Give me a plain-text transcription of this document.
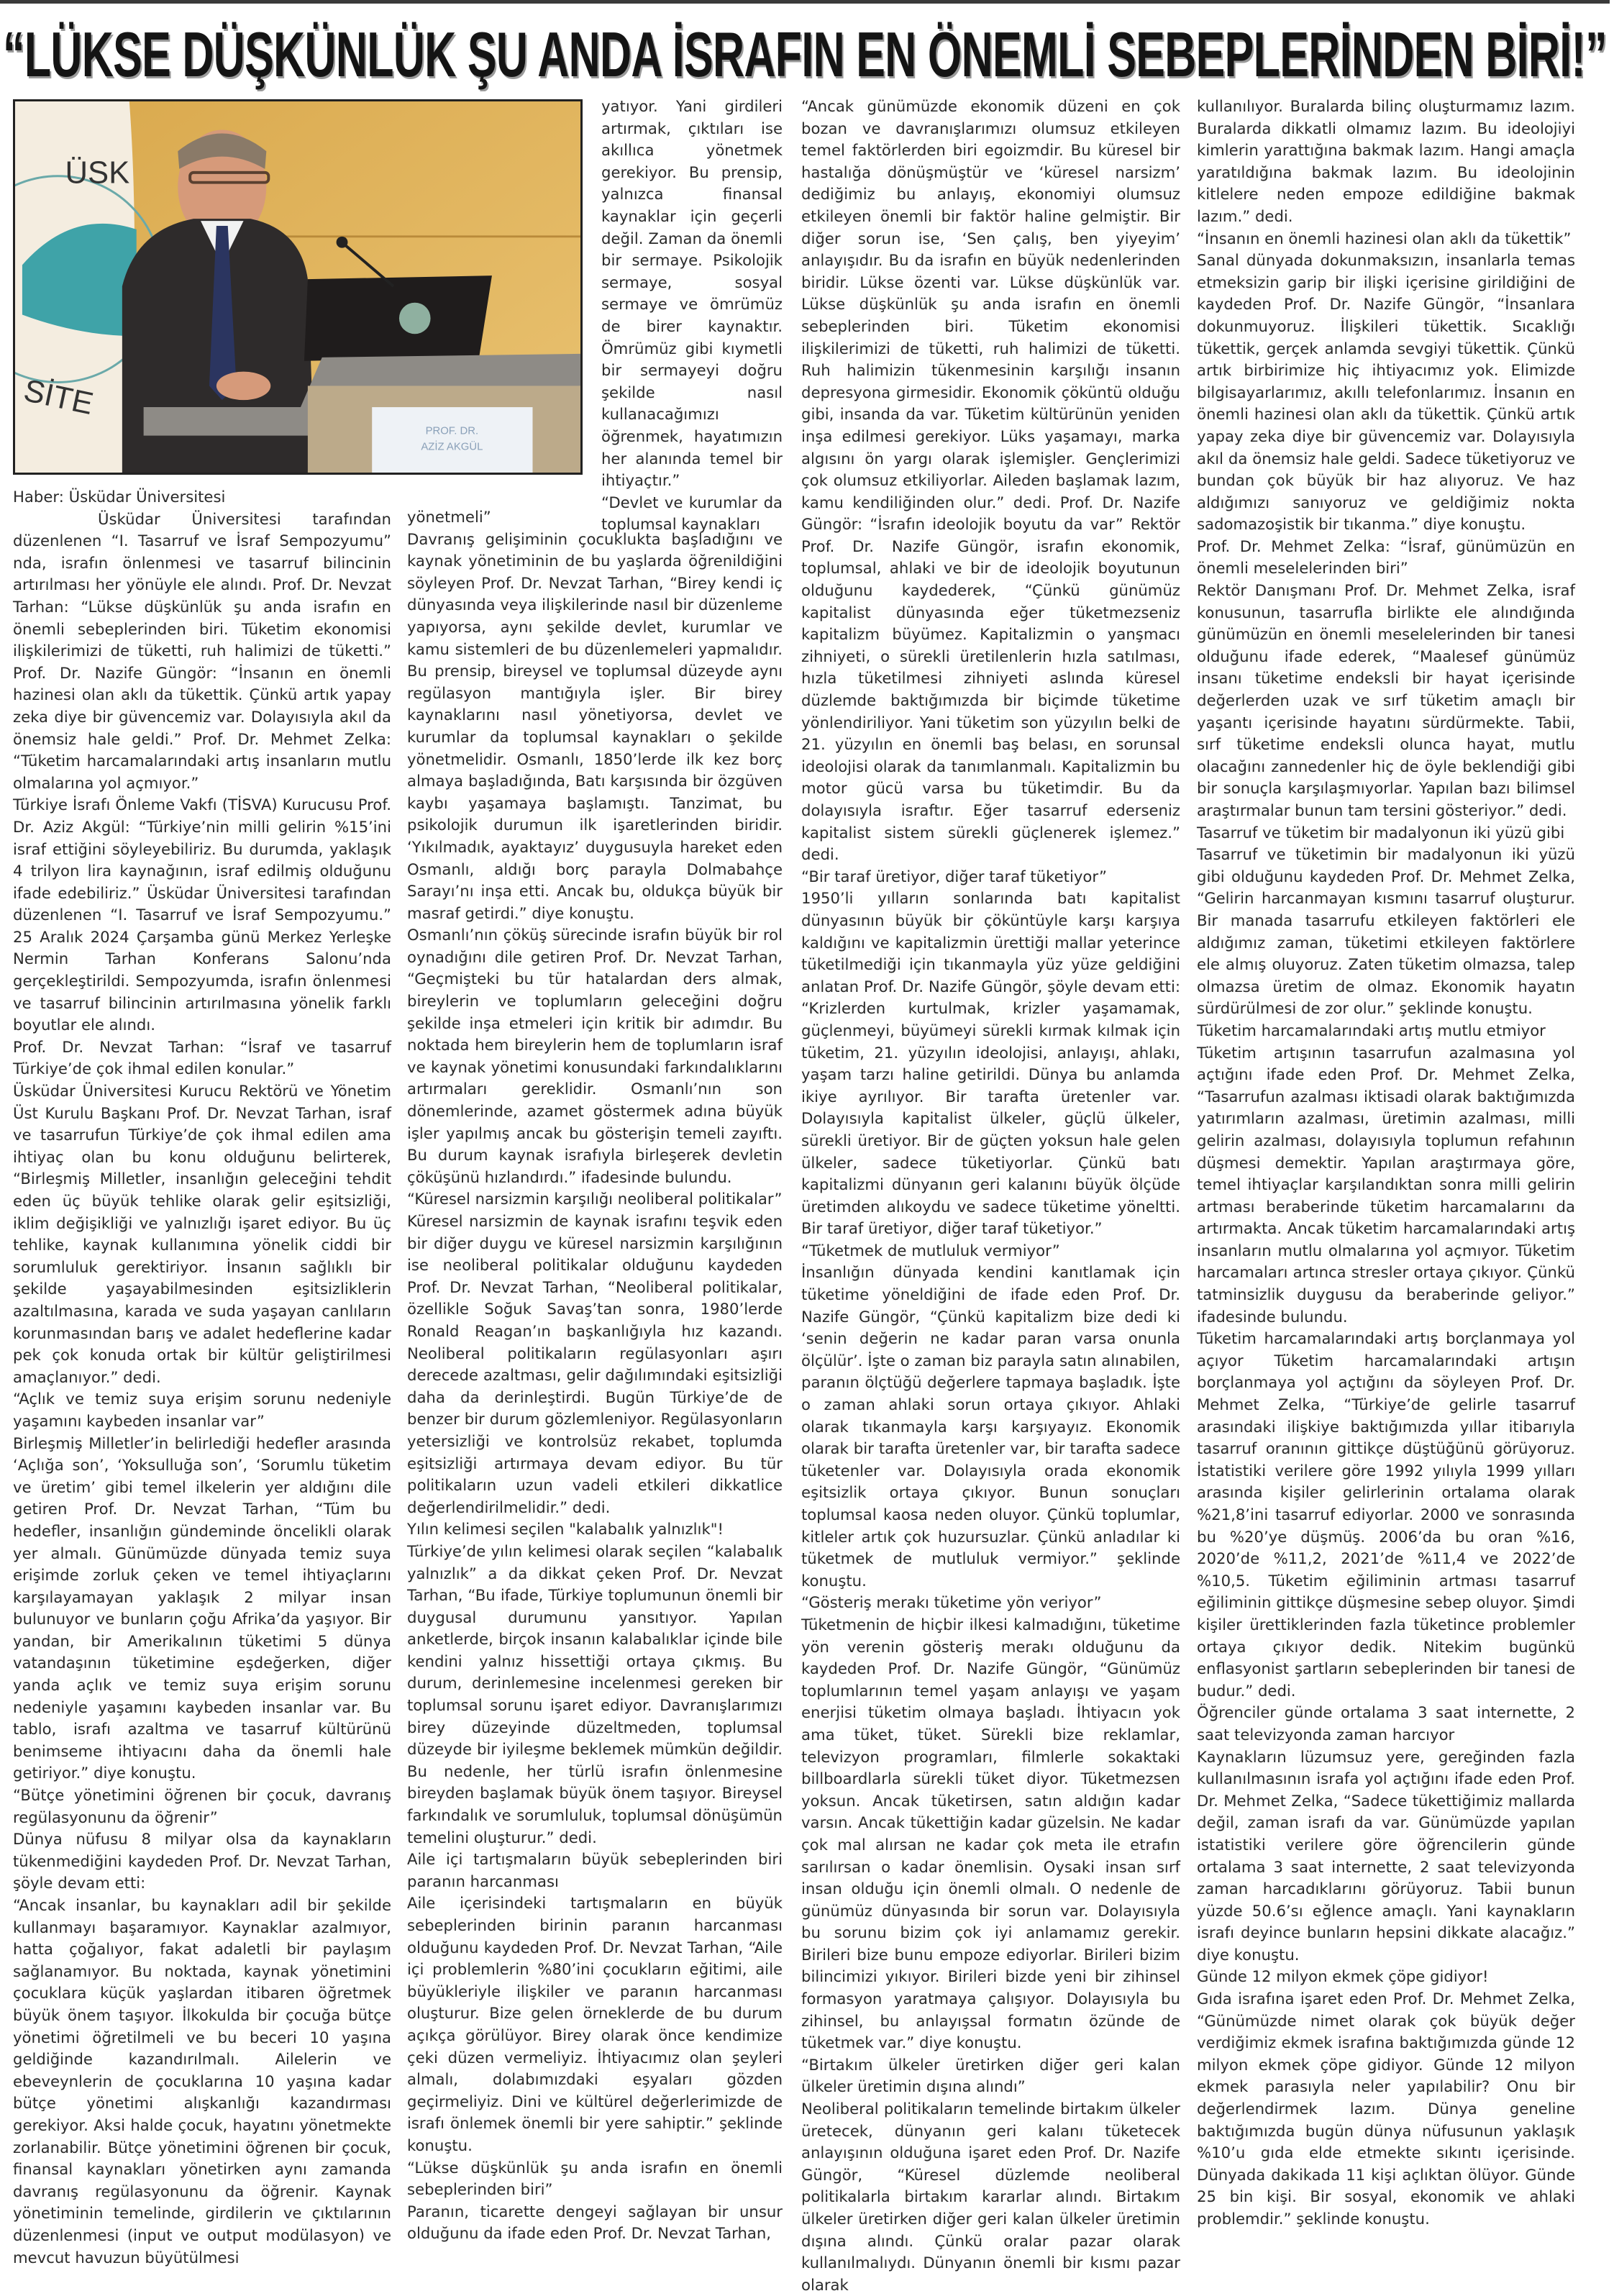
“LÜKSE DÜŞKÜNLÜK ŞU ANDA İSRAFIN EN ÖNEMLİ SEBEPLERİNDEN BİRİ!”
ÜSK
SİTE
PROF. DR.
AZİZ AKGÜL

Haber: Üsküdar Üniversitesi

Üsküdar Üniversitesi tarafından düzenlenen “I. Tasarruf ve İsraf Sempozyumu” nda, israfın önlenmesi ve tasarruf bilincinin artırılması her yönüyle ele alındı. Prof. Dr. Nevzat Tarhan: “Lükse düşkünlük şu anda israfın en önemli sebeplerinden biri. Tüketim ekonomisi ilişkilerimizi de tüketti, ruh halimizi de tüketti.” Prof. Dr. Nazife Güngör: “İnsanın en önemli hazinesi olan aklı da tükettik. Çünkü artık yapay zeka diye bir güvencemiz var. Dolayısıyla akıl da önemsiz hale geldi.” Prof. Dr. Mehmet Zelka: “Tüketim harcamalarındaki artış insanların mutlu olmalarına yol açmıyor.”

Türkiye İsrafı Önleme Vakfı (TİSVA) Kurucusu Prof. Dr. Aziz Akgül: “Türkiye’nin milli gelirin %15’ini israf ettiğini söyleyebiliriz. Bu durumda, yaklaşık 4 trilyon lira kaynağının, israf edilmiş olduğunu ifade edebiliriz.” Üsküdar Üniversitesi tarafından düzenlenen “I. Tasarruf ve İsraf Sempozyumu.” 25 Aralık 2024 Çarşamba günü Merkez Yerleşke Nermin Tarhan Konferans Salonu’nda gerçekleştirildi. Sempozyumda, israfın önlenmesi ve tasarruf bilincinin artırılmasına yönelik farklı boyutlar ele alındı.

Prof. Dr. Nevzat Tarhan: “İsraf ve tasarruf Türkiye’de çok ihmal edilen konular.”

Üsküdar Üniversitesi Kurucu Rektörü ve Yönetim Üst Kurulu Başkanı Prof. Dr. Nevzat Tarhan, israf ve tasarrufun Türkiye’de çok ihmal edilen ama ihtiyaç olan bu konu olduğunu belirterek, “Birleşmiş Milletler, insanlığın geleceğini tehdit eden üç büyük tehlike olarak gelir eşitsizliği, iklim değişikliği ve yalnızlığı işaret ediyor. Bu üç tehlike, kaynak kullanımına yönelik ciddi bir sorumluluk gerektiriyor. İnsanın sağlıklı bir şekilde yaşayabilmesinden eşitsizliklerin azaltılmasına, karada ve suda yaşayan canlıların korunmasından barış ve adalet hedeflerine kadar pek çok konuda ortak bir kültür geliştirilmesi amaçlanıyor.” dedi.

“Açlık ve temiz suya erişim sorunu nedeniyle yaşamını kaybeden insanlar var”

Birleşmiş Milletler’in belirlediği hedefler arasında ‘Açlığa son’, ‘Yoksulluğa son’, ‘Sorumlu tüketim ve üretim’ gibi temel ilkelerin yer aldığını dile getiren Prof. Dr. Nevzat Tarhan, “Tüm bu hedefler, insanlığın gündeminde öncelikli olarak yer almalı. Günümüzde dünyada temiz suya erişimde zorluk çeken ve temel ihtiyaçlarını karşılayamayan yaklaşık 2 milyar insan bulunuyor ve bunların çoğu Afrika’da yaşıyor. Bir yandan, bir Amerikalının tüketimi 5 dünya vatandaşının tüketimine eşdeğerken, diğer yanda açlık ve temiz suya erişim sorunu nedeniyle yaşamını kaybeden insanlar var. Bu tablo, israfı azaltma ve tasarruf kültürünü benimseme ihtiyacını daha da önemli hale getiriyor.” diye konuştu.

“Bütçe yönetimini öğrenen bir çocuk, davranış regülasyonunu da öğrenir”

Dünya nüfusu 8 milyar olsa da kaynakların tükenmediğini kaydeden Prof. Dr. Nevzat Tarhan, şöyle devam etti:

“Ancak insanlar, bu kaynakları adil bir şekilde kullanmayı başaramıyor. Kaynaklar azalmıyor, hatta çoğalıyor, fakat adaletli bir paylaşım sağlanamıyor. Bu noktada, kaynak yönetimini çocuklara küçük yaşlardan itibaren öğretmek büyük önem taşıyor. İlkokulda bir çocuğa bütçe yönetimi öğretilmeli ve bu beceri 10 yaşına geldiğinde kazandırılmalı. Ailelerin ve ebeveynlerin de çocuklarına 10 yaşına kadar bütçe yönetimi alışkanlığı kazandırması gerekiyor. Aksi halde çocuk, hayatını yönetmekte zorlanabilir. Bütçe yönetimini öğrenen bir çocuk, finansal kaynakları yönetirken aynı zamanda davranış regülasyonunu da öğrenir. Kaynak yönetiminin temelinde, girdilerin ve çıktılarının düzenlenmesi (input ve output modülasyon) ve mevcut havuzun büyütülmesi

yatıyor. Yani girdileri artırmak, çıktıları ise akıllıca yönetmek gerekiyor. Bu prensip, yalnızca finansal kaynaklar için geçerli değil. Zaman da önemli bir sermaye. Psikolojik sermaye, sosyal sermaye ve ömrümüz de birer kaynaktır. Ömrümüz gibi kıymetli bir sermayeyi doğru şekilde nasıl kullanacağımızı öğrenmek, hayatımızın her alanında temel bir ihtiyaçtır.”

“Devlet ve kurumlar da toplumsal kaynakları

yönetmeli”

Davranış gelişiminin çocuklukta başladığını ve kaynak yönetiminin de bu yaşlarda öğrenildiğini söyleyen Prof. Dr. Nevzat Tarhan, “Birey kendi iç dünyasında veya ilişkilerinde nasıl bir düzenleme yapıyorsa, aynı şekilde devlet, kurumlar ve kamu sistemleri de bu düzenlemeleri yapmalıdır. Bu prensip, bireysel ve toplumsal düzeyde aynı regülasyon mantığıyla işler. Bir birey kaynaklarını nasıl yönetiyorsa, devlet ve kurumlar da toplumsal kaynakları o şekilde yönetmelidir. Osmanlı, 1850’lerde ilk kez borç almaya başladığında, Batı karşısında bir özgüven kaybı yaşamaya başlamıştı. Tanzimat, bu psikolojik durumun ilk işaretlerinden biridir. ‘Yıkılmadık, ayaktayız’ duygusuyla hareket eden Osmanlı, aldığı borç parayla Dolmabahçe Sarayı’nı inşa etti. Ancak bu, oldukça büyük bir masraf getirdi.” diye konuştu.

Osmanlı’nın çöküş sürecinde israfın büyük bir rol oynadığını dile getiren Prof. Dr. Nevzat Tarhan, “Geçmişteki bu tür hatalardan ders almak, bireylerin ve toplumların geleceğini doğru şekilde inşa etmeleri için kritik bir adımdır. Bu noktada hem bireylerin hem de toplumların israf ve kaynak yönetimi konusundaki farkındalıklarını artırmaları gereklidir. Osmanlı’nın son dönemlerinde, azamet göstermek adına büyük işler yapılmış ancak bu gösterişin temeli zayıftı. Bu durum kaynak israfıyla birleşerek devletin çöküşünü hızlandırdı.” ifadesinde bulundu.

“Küresel narsizmin karşılığı neoliberal politikalar”

Küresel narsizmin de kaynak israfını teşvik eden bir diğer duygu ve küresel narsizmin karşılığının ise neoliberal politikalar olduğunu kaydeden Prof. Dr. Nevzat Tarhan, “Neoliberal politikalar, özellikle Soğuk Savaş’tan sonra, 1980’lerde Ronald Reagan’ın başkanlığıyla hız kazandı. Neoliberal politikaların regülasyonları aşırı derecede azaltması, gelir dağılımındaki eşitsizliği daha da derinleştirdi. Bugün Türkiye’de de benzer bir durum gözlemleniyor. Regülasyonların yetersizliği ve kontrolsüz rekabet, toplumda eşitsizliği artırmaya devam ediyor. Bu tür politikaların uzun vadeli etkileri dikkatlice değerlendirilmelidir.” dedi.

Yılın kelimesi seçilen "kalabalık yalnızlık"!

Türkiye’de yılın kelimesi olarak seçilen “kalabalık yalnızlık” a da dikkat çeken Prof. Dr. Nevzat Tarhan, “Bu ifade, Türkiye toplumunun önemli bir duygusal durumunu yansıtıyor. Yapılan anketlerde, birçok insanın kalabalıklar içinde bile kendini yalnız hissettiği ortaya çıkmış. Bu durum, derinlemesine incelenmesi gereken bir toplumsal sorunu işaret ediyor. Davranışlarımızı birey düzeyinde düzeltmeden, toplumsal düzeyde bir iyileşme beklemek mümkün değildir. Bu nedenle, her türlü israfın önlenmesine bireyden başlamak büyük önem taşıyor. Bireysel farkındalık ve sorumluluk, toplumsal dönüşümün temelini oluşturur.” dedi.

Aile içi tartışmaların büyük sebeplerinden biri paranın harcanması

Aile içerisindeki tartışmaların en büyük sebeplerinden birinin paranın harcanması olduğunu kaydeden Prof. Dr. Nevzat Tarhan, “Aile içi problemlerin %80’ini çocukların eğitimi, aile büyükleriyle ilişkiler ve paranın harcanması oluşturur. Bize gelen örneklerde de bu durum açıkça görülüyor. Birey olarak önce kendimize çeki düzen vermeliyiz. İhtiyacımız olan şeyleri almalı, dolabımızdaki eşyaları gözden geçirmeliyiz. Dini ve kültürel değerlerimizde de israfı önlemek önemli bir yere sahiptir.” şeklinde konuştu.

“Lükse düşkünlük şu anda israfın en önemli sebeplerinden biri”

Paranın, ticarette dengeyi sağlayan bir unsur olduğunu da ifade eden Prof. Dr. Nevzat Tarhan,

“Ancak günümüzde ekonomik düzeni en çok bozan ve davranışlarımızı olumsuz etkileyen temel faktörlerden biri egoizmdir. Bu küresel bir hastalığa dönüşmüştür ve ‘küresel narsizm’ dediğimiz bu anlayış, ekonomiyi olumsuz etkileyen önemli bir faktör haline gelmiştir. Bir diğer sorun ise, ‘Sen çalış, ben yiyeyim’ anlayışıdır. Bu da israfın en büyük nedenlerinden biridir. Lükse özenti var. Lükse düşkünlük var. Lükse düşkünlük şu anda israfın en önemli sebeplerinden biri. Tüketim ekonomisi ilişkilerimizi de tüketti, ruh halimizi de tüketti. Ruh halimizin tükenmesinin karşılığı insanın depresyona girmesidir. Ekonomik çöküntü olduğu gibi, insanda da var. Tüketim kültürünün yeniden inşa edilmesi gerekiyor. Lüks yaşamayı, marka algısını ön yargı olarak işlemişler. Gençlerimizi çok olumsuz etkiliyorlar. Aileden başlamak lazım, kamu kendiliğinden olur.” dedi. Prof. Dr. Nazife Güngör: “İsrafın ideolojik boyutu da var” Rektör Prof. Dr. Nazife Güngör, israfın ekonomik, toplumsal, ahlaki ve bir de ideolojik boyutunun olduğunu kaydederek, “Çünkü günümüz kapitalist dünyasında eğer tüketmezseniz kapitalizm büyümez. Kapitalizmin o yanşmacı zihniyeti, o sürekli üretilenlerin hızla satılması, hızla tüketilmesi zihniyeti aslında küresel düzlemde baktığımızda bir biçimde tüketime yönlendiriliyor. Yani tüketim son yüzyılın belki de 21. yüzyılın en önemli baş belası, en sorunsal ideolojisi olarak da tanımlanmalı. Kapitalizmin bu motor gücü varsa bu tüketimdir. Bu da dolayısıyla israftır. Eğer tasarruf ederseniz kapitalist sistem sürekli güçlenerek işlemez.” dedi.

“Bir taraf üretiyor, diğer taraf tüketiyor”

1950’li yılların sonlarında batı kapitalist dünyasının büyük bir çöküntüyle karşı karşıya kaldığını ve kapitalizmin ürettiği mallar yeterince tüketilmediği için tıkanmayla yüz yüze geldiğini anlatan Prof. Dr. Nazife Güngör, şöyle devam etti: “Krizlerden kurtulmak, krizler yaşamamak, güçlenmeyi, büyümeyi sürekli kırmak kılmak için tüketim, 21. yüzyılın ideolojisi, anlayışı, ahlakı, yaşam tarzı haline getirildi. Dünya bu anlamda ikiye ayrılıyor. Bir tarafta üretenler var. Dolayısıyla kapitalist ülkeler, güçlü ülkeler, sürekli üretiyor. Bir de güçten yoksun hale gelen ülkeler, sadece tüketiyorlar. Çünkü batı kapitalizmi dünyanın geri kalanını büyük ölçüde üretimden alıkoydu ve sadece tüketime yöneltti. Bir taraf üretiyor, diğer taraf tüketiyor.”

“Tüketmek de mutluluk vermiyor”

İnsanlığın dünyada kendini kanıtlamak için tüketime yöneldiğini de ifade eden Prof. Dr. Nazife Güngör, “Çünkü kapitalizm bize dedi ki ‘senin değerin ne kadar paran varsa onunla ölçülür’. İşte o zaman biz parayla satın alınabilen, paranın ölçtüğü değerlere tapmaya başladık. İşte o zaman ahlaki sorun ortaya çıkıyor. Ahlaki olarak tıkanmayla karşı karşıyayız. Ekonomik olarak bir tarafta üretenler var, bir tarafta sadece tüketenler var. Dolayısıyla orada ekonomik eşitsizlik ortaya çıkıyor. Bunun sonuçları toplumsal kaosa neden oluyor. Çünkü toplumlar, kitleler artık çok huzursuzlar. Çünkü anladılar ki tüketmek de mutluluk vermiyor.” şeklinde konuştu.

“Gösteriş merakı tüketime yön veriyor”

Tüketmenin de hiçbir ilkesi kalmadığını, tüketime yön verenin gösteriş merakı olduğunu da kaydeden Prof. Dr. Nazife Güngör, “Günümüz toplumlarının temel yaşam anlayışı ve yaşam enerjisi tüketim olmaya başladı. İhtiyacın yok ama tüket, tüket. Sürekli bize reklamlar, televizyon programları, filmlerle sokaktaki billboardlarla sürekli tüket diyor. Tüketmezsen yoksun. Ancak tüketirsen, satın aldığın kadar varsın. Ancak tükettiğin kadar güzelsin. Ne kadar çok mal alırsan ne kadar çok meta ile etrafın sarılırsan o kadar önemlisin. Oysaki insan sırf insan olduğu için önemli olmalı. O nedenle de günümüz dünyasında bir sorun var. Dolayısıyla bu sorunu bizim çok iyi anlamamız gerekir. Birileri bize bunu empoze ediyorlar. Birileri bizim bilincimizi yıkıyor. Birileri bizde yeni bir zihinsel formasyon yaratmaya çalışıyor. Dolayısıyla bu zihinsel, bu anlayışsal formatın özünde de tüketmek var.” diye konuştu.

“Birtakım ülkeler üretirken diğer geri kalan ülkeler üretimin dışına alındı”

Neoliberal politikaların temelinde birtakım ülkeler üretecek, dünyanın geri kalanı tüketecek anlayışının olduğuna işaret eden Prof. Dr. Nazife Güngör, “Küresel düzlemde neoliberal politikalarla birtakım kararlar alındı. Birtakım ülkeler üretirken diğer geri kalan ülkeler üretimin dışına alındı. Çünkü oralar pazar olarak kullanılmalıydı. Dünyanın önemli bir kısmı pazar olarak

kullanılıyor. Buralarda bilinç oluşturmamız lazım. Buralarda dikkatli olmamız lazım. Bu ideolojiyi kimlerin yarattığına bakmak lazım. Hangi amaçla yaratıldığına bakmak lazım. Bu ideolojinin kitlelere neden empoze edildiğine bakmak lazım.” dedi.

“İnsanın en önemli hazinesi olan aklı da tükettik”

Sanal dünyada dokunmaksızın, insanlarla temas etmeksizin garip bir ilişki içerisine girildiğini de kaydeden Prof. Dr. Nazife Güngör, “İnsanlara dokunmuyoruz. İlişkileri tükettik. Sıcaklığı tükettik, gerçek anlamda sevgiyi tükettik. Çünkü artık birbirimize hiç ihtiyacımız yok. Elimizde bilgisayarlarımız, akıllı telefonlarımız. İnsanın en önemli hazinesi olan aklı da tükettik. Çünkü artık yapay zeka diye bir güvencemiz var. Dolayısıyla akıl da önemsiz hale geldi. Sadece tüketiyoruz ve bundan çok büyük bir haz alıyoruz. Ve haz aldığımızı sanıyoruz ve geldiğimiz nokta sadomazoşistik bir tıkanma.” diye konuştu.

Prof. Dr. Mehmet Zelka: “İsraf, günümüzün en önemli meselelerinden biri”

Rektör Danışmanı Prof. Dr. Mehmet Zelka, israf konusunun, tasarrufla birlikte ele alındığında günümüzün en önemli meselelerinden bir tanesi olduğunu ifade ederek, “Maalesef günümüz insanı tüketime endeksli bir hayat içerisinde değerlerden uzak ve sırf tüketim amaçlı bir yaşantı içerisinde hayatını sürdürmekte. Tabii, sırf tüketime endeksli olunca hayat, mutlu olacağını zannedenler hiç de öyle beklendiği gibi bir sonuçla karşılaşmıyorlar. Yapılan bazı bilimsel araştırmalar bunun tam tersini gösteriyor.” dedi.

Tasarruf ve tüketim bir madalyonun iki yüzü gibi

Tasarruf ve tüketimin bir madalyonun iki yüzü gibi olduğunu kaydeden Prof. Dr. Mehmet Zelka, “Gelirin harcanmayan kısmını tasarruf oluşturur. Bir manada tasarrufu etkileyen faktörleri ele aldığımız zaman, tüketimi etkileyen faktörlere ele almış oluyoruz. Zaten tüketim olmazsa, talep olmazsa üretim de olmaz. Ekonomik hayatın sürdürülmesi de zor olur.” şeklinde konuştu.

Tüketim harcamalarındaki artış mutlu etmiyor

Tüketim artışının tasarrufun azalmasına yol açtığını ifade eden Prof. Dr. Mehmet Zelka, “Tasarrufun azalması iktisadi olarak baktığımızda yatırımların azalması, üretimin azalması, milli gelirin azalması, dolayısıyla toplumun refahının düşmesi demektir. Yapılan araştırmaya göre, temel ihtiyaçlar karşılandıktan sonra milli gelirin artması beraberinde tüketim harcamalarını da artırmakta. Ancak tüketim harcamalarındaki artış insanların mutlu olmalarına yol açmıyor. Tüketim harcamaları artınca stresler ortaya çıkıyor. Çünkü tatminsizlik duygusu da beraberinde geliyor.” ifadesinde bulundu.

Tüketim harcamalarındaki artış borçlanmaya yol açıyor Tüketim harcamalarındaki artışın borçlanmaya yol açtığını da söyleyen Prof. Dr. Mehmet Zelka, “Türkiye’de gelirle tasarruf arasındaki ilişkiye baktığımızda yıllar itibarıyla tasarruf oranının gittikçe düştüğünü görüyoruz. İstatistiki verilere göre 1992 yılıyla 1999 yılları arasında kişiler gelirlerinin ortalama olarak %21,8’ini tasarruf ediyorlar. 2000 ve sonrasında bu %20’ye düşmüş. 2006’da bu oran %16, 2020’de %11,2, 2021’de %11,4 ve 2022’de %10,5. Tüketim eğiliminin artması tasarruf eğiliminin gittikçe düşmesine sebep oluyor. Şimdi kişiler ürettiklerinden fazla tüketince problemler ortaya çıkıyor dedik. Nitekim bugünkü enflasyonist şartların sebeplerinden bir tanesi de budur.” dedi.

Öğrenciler günde ortalama 3 saat internette, 2 saat televizyonda zaman harcıyor

Kaynakların lüzumsuz yere, gereğinden fazla kullanılmasının israfa yol açtığını ifade eden Prof. Dr. Mehmet Zelka, “Sadece tükettiğimiz mallarda değil, zaman israfı da var. Günümüzde yapılan istatistiki verilere göre öğrencilerin günde ortalama 3 saat internette, 2 saat televizyonda zaman harcadıklarını görüyoruz. Tabii bunun yüzde 50.6’sı eğlence amaçlı. Yani kaynakların israfı deyince bunların hepsini dikkate alacağız.” diye konuştu.

Günde 12 milyon ekmek çöpe gidiyor!

Gıda israfına işaret eden Prof. Dr. Mehmet Zelka, “Günümüzde nimet olarak çok büyük değer verdiğimiz ekmek israfına baktığımızda günde 12 milyon ekmek çöpe gidiyor. Günde 12 milyon ekmek parasıyla neler yapılabilir? Onu bir değerlendirmek lazım. Dünya geneline baktığımızda bugün dünya nüfusunun yaklaşık %10’u gıda elde etmekte sıkıntı içerisinde. Dünyada dakikada 11 kişi açlıktan ölüyor. Günde 25 bin kişi. Bir sosyal, ekonomik ve ahlaki problemdir.” şeklinde konuştu.
